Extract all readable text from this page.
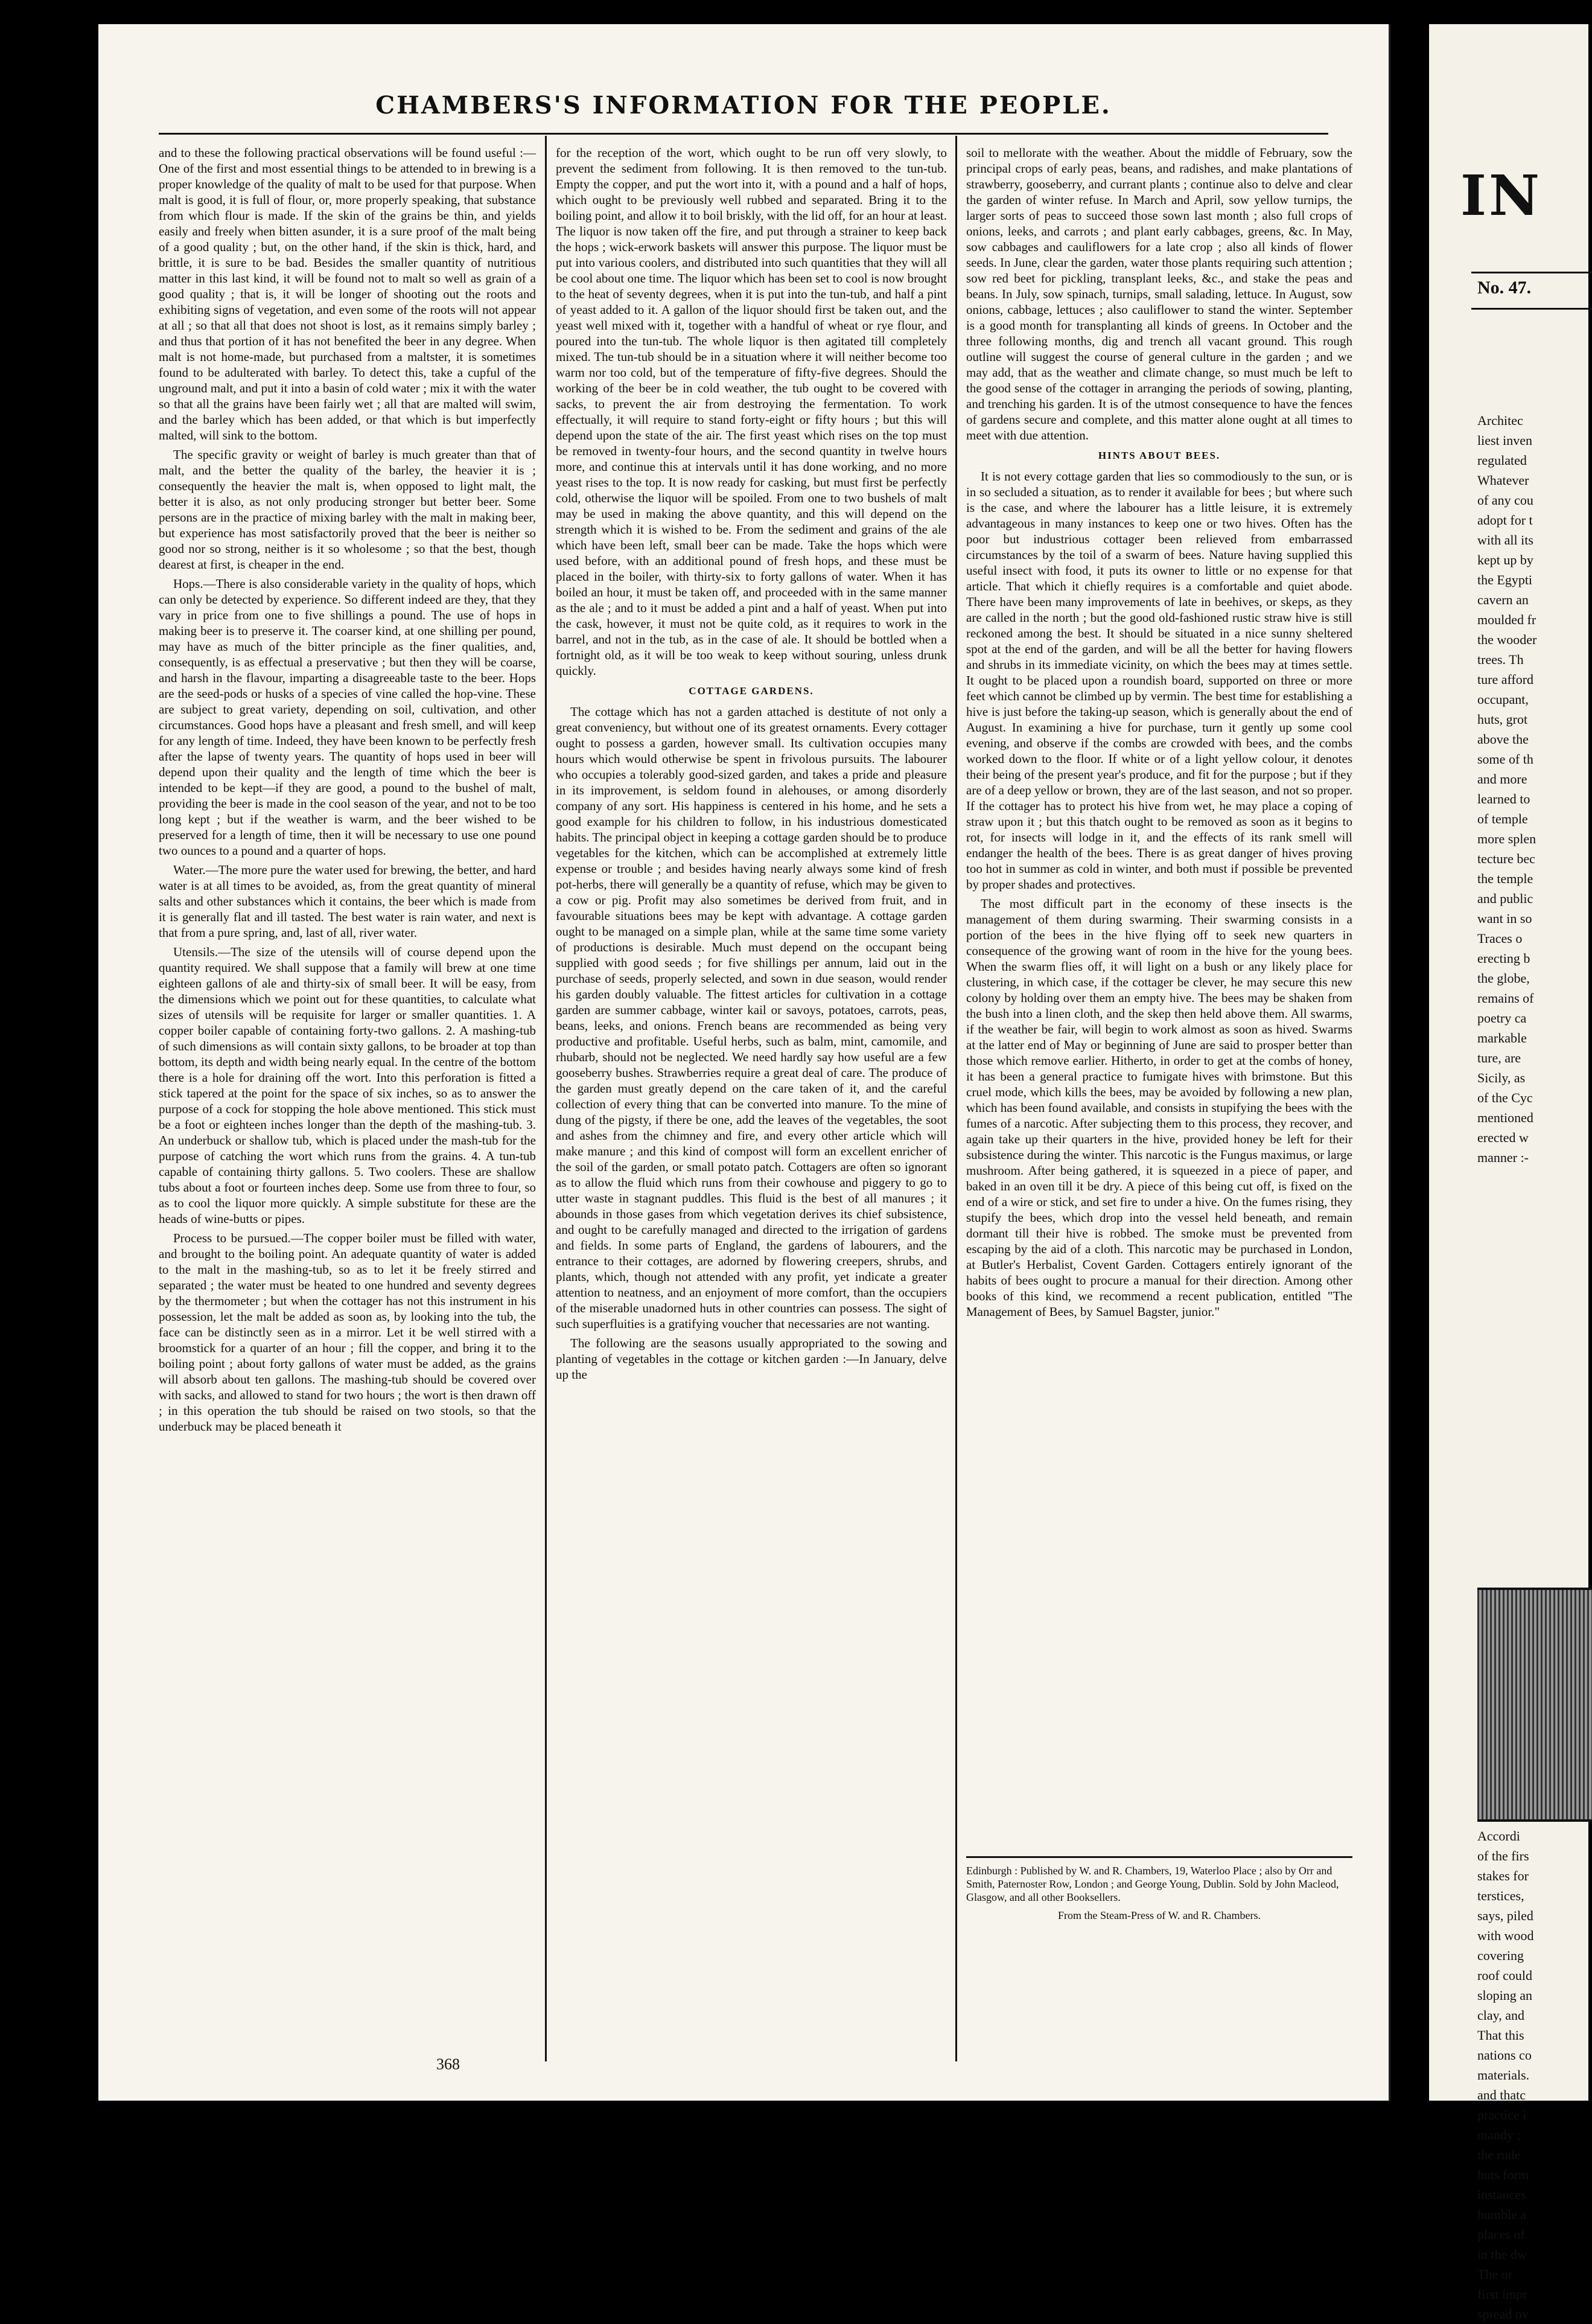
CHAMBERS'S INFORMATION FOR THE PEOPLE.

and to these the following practical observations will be found useful :—One of the first and most essential things to be attended to in brewing is a proper knowledge of the quality of malt to be used for that purpose. When malt is good, it is full of flour, or, more properly speaking, that substance from which flour is made. If the skin of the grains be thin, and yields easily and freely when bitten asunder, it is a sure proof of the malt being of a good quality ; but, on the other hand, if the skin is thick, hard, and brittle, it is sure to be bad. Besides the smaller quantity of nutritious matter in this last kind, it will be found not to malt so well as grain of a good quality ; that is, it will be longer of shooting out the roots and exhibiting signs of vegetation, and even some of the roots will not appear at all ; so that all that does not shoot is lost, as it remains simply barley ; and thus that portion of it has not benefited the beer in any degree. When malt is not home-made, but purchased from a maltster, it is sometimes found to be adulterated with barley. To detect this, take a cupful of the unground malt, and put it into a basin of cold water ; mix it with the water so that all the grains have been fairly wet ; all that are malted will swim, and the barley which has been added, or that which is but imperfectly malted, will sink to the bottom.

The specific gravity or weight of barley is much greater than that of malt, and the better the quality of the barley, the heavier it is ; consequently the heavier the malt is, when opposed to light malt, the better it is also, as not only producing stronger but better beer. Some persons are in the practice of mixing barley with the malt in making beer, but experience has most satisfactorily proved that the beer is neither so good nor so strong, neither is it so wholesome ; so that the best, though dearest at first, is cheaper in the end.

Hops.—There is also considerable variety in the quality of hops, which can only be detected by experience. So different indeed are they, that they vary in price from one to five shillings a pound. The use of hops in making beer is to preserve it. The coarser kind, at one shilling per pound, may have as much of the bitter principle as the finer qualities, and, consequently, is as effectual a preservative ; but then they will be coarse, and harsh in the flavour, imparting a disagreeable taste to the beer. Hops are the seed-pods or husks of a species of vine called the hop-vine. These are subject to great variety, depending on soil, cultivation, and other circumstances. Good hops have a pleasant and fresh smell, and will keep for any length of time. Indeed, they have been known to be perfectly fresh after the lapse of twenty years. The quantity of hops used in beer will depend upon their quality and the length of time which the beer is intended to be kept—if they are good, a pound to the bushel of malt, providing the beer is made in the cool season of the year, and not to be too long kept ; but if the weather is warm, and the beer wished to be preserved for a length of time, then it will be necessary to use one pound two ounces to a pound and a quarter of hops.

Water.—The more pure the water used for brewing, the better, and hard water is at all times to be avoided, as, from the great quantity of mineral salts and other substances which it contains, the beer which is made from it is generally flat and ill tasted. The best water is rain water, and next is that from a pure spring, and, last of all, river water.

Utensils.—The size of the utensils will of course depend upon the quantity required. We shall suppose that a family will brew at one time eighteen gallons of ale and thirty-six of small beer. It will be easy, from the dimensions which we point out for these quantities, to calculate what sizes of utensils will be requisite for larger or smaller quantities. 1. A copper boiler capable of containing forty-two gallons. 2. A mashing-tub of such dimensions as will contain sixty gallons, to be broader at top than bottom, its depth and width being nearly equal. In the centre of the bottom there is a hole for draining off the wort. Into this perforation is fitted a stick tapered at the point for the space of six inches, so as to answer the purpose of a cock for stopping the hole above mentioned. This stick must be a foot or eighteen inches longer than the depth of the mashing-tub. 3. An underbuck or shallow tub, which is placed under the mash-tub for the purpose of catching the wort which runs from the grains. 4. A tun-tub capable of containing thirty gallons. 5. Two coolers. These are shallow tubs about a foot or fourteen inches deep. Some use from three to four, so as to cool the liquor more quickly. A simple substitute for these are the heads of wine-butts or pipes.

Process to be pursued.—The copper boiler must be filled with water, and brought to the boiling point. An adequate quantity of water is added to the malt in the mashing-tub, so as to let it be freely stirred and separated ; the water must be heated to one hundred and seventy degrees by the thermometer ; but when the cottager has not this instrument in his possession, let the malt be added as soon as, by looking into the tub, the face can be distinctly seen as in a mirror. Let it be well stirred with a broomstick for a quarter of an hour ; fill the copper, and bring it to the boiling point ; about forty gallons of water must be added, as the grains will absorb about ten gallons. The mashing-tub should be covered over with sacks, and allowed to stand for two hours ; the wort is then drawn off ; in this operation the tub should be raised on two stools, so that the underbuck may be placed beneath it

for the reception of the wort, which ought to be run off very slowly, to prevent the sediment from following. It is then removed to the tun-tub. Empty the copper, and put the wort into it, with a pound and a half of hops, which ought to be previously well rubbed and separated. Bring it to the boiling point, and allow it to boil briskly, with the lid off, for an hour at least. The liquor is now taken off the fire, and put through a strainer to keep back the hops ; wick-erwork baskets will answer this purpose. The liquor must be put into various coolers, and distributed into such quantities that they will all be cool about one time. The liquor which has been set to cool is now brought to the heat of seventy degrees, when it is put into the tun-tub, and half a pint of yeast added to it. A gallon of the liquor should first be taken out, and the yeast well mixed with it, together with a handful of wheat or rye flour, and poured into the tun-tub. The whole liquor is then agitated till completely mixed. The tun-tub should be in a situation where it will neither become too warm nor too cold, but of the temperature of fifty-five degrees. Should the working of the beer be in cold weather, the tub ought to be covered with sacks, to prevent the air from destroying the fermentation. To work effectually, it will require to stand forty-eight or fifty hours ; but this will depend upon the state of the air. The first yeast which rises on the top must be removed in twenty-four hours, and the second quantity in twelve hours more, and continue this at intervals until it has done working, and no more yeast rises to the top. It is now ready for casking, but must first be perfectly cold, otherwise the liquor will be spoiled. From one to two bushels of malt may be used in making the above quantity, and this will depend on the strength which it is wished to be. From the sediment and grains of the ale which have been left, small beer can be made. Take the hops which were used before, with an additional pound of fresh hops, and these must be placed in the boiler, with thirty-six to forty gallons of water. When it has boiled an hour, it must be taken off, and proceeded with in the same manner as the ale ; and to it must be added a pint and a half of yeast. When put into the cask, however, it must not be quite cold, as it requires to work in the barrel, and not in the tub, as in the case of ale. It should be bottled when a fortnight old, as it will be too weak to keep without souring, unless drunk quickly.

COTTAGE GARDENS.

The cottage which has not a garden attached is destitute of not only a great conveniency, but without one of its greatest ornaments. Every cottager ought to possess a garden, however small. Its cultivation occupies many hours which would otherwise be spent in frivolous pursuits. The labourer who occupies a tolerably good-sized garden, and takes a pride and pleasure in its improvement, is seldom found in alehouses, or among disorderly company of any sort. His happiness is centered in his home, and he sets a good example for his children to follow, in his industrious domesticated habits. The principal object in keeping a cottage garden should be to produce vegetables for the kitchen, which can be accomplished at extremely little expense or trouble ; and besides having nearly always some kind of fresh pot-herbs, there will generally be a quantity of refuse, which may be given to a cow or pig. Profit may also sometimes be derived from fruit, and in favourable situations bees may be kept with advantage. A cottage garden ought to be managed on a simple plan, while at the same time some variety of productions is desirable. Much must depend on the occupant being supplied with good seeds ; for five shillings per annum, laid out in the purchase of seeds, properly selected, and sown in due season, would render his garden doubly valuable. The fittest articles for cultivation in a cottage garden are summer cabbage, winter kail or savoys, potatoes, carrots, peas, beans, leeks, and onions. French beans are recommended as being very productive and profitable. Useful herbs, such as balm, mint, camomile, and rhubarb, should not be neglected. We need hardly say how useful are a few gooseberry bushes. Strawberries require a great deal of care. The produce of the garden must greatly depend on the care taken of it, and the careful collection of every thing that can be converted into manure. To the mine of dung of the pigsty, if there be one, add the leaves of the vegetables, the soot and ashes from the chimney and fire, and every other article which will make manure ; and this kind of compost will form an excellent enricher of the soil of the garden, or small potato patch. Cottagers are often so ignorant as to allow the fluid which runs from their cowhouse and piggery to go to utter waste in stagnant puddles. This fluid is the best of all manures ; it abounds in those gases from which vegetation derives its chief subsistence, and ought to be carefully managed and directed to the irrigation of gardens and fields. In some parts of England, the gardens of labourers, and the entrance to their cottages, are adorned by flowering creepers, shrubs, and plants, which, though not attended with any profit, yet indicate a greater attention to neatness, and an enjoyment of more comfort, than the occupiers of the miserable unadorned huts in other countries can possess. The sight of such superfluities is a gratifying voucher that necessaries are not wanting.

The following are the seasons usually appropriated to the sowing and planting of vegetables in the cottage or kitchen garden :—In January, delve up the

soil to mellorate with the weather. About the middle of February, sow the principal crops of early peas, beans, and radishes, and make plantations of strawberry, gooseberry, and currant plants ; continue also to delve and clear the garden of winter refuse. In March and April, sow yellow turnips, the larger sorts of peas to succeed those sown last month ; also full crops of onions, leeks, and carrots ; and plant early cabbages, greens, &c. In May, sow cabbages and cauliflowers for a late crop ; also all kinds of flower seeds. In June, clear the garden, water those plants requiring such attention ; sow red beet for pickling, transplant leeks, &c., and stake the peas and beans. In July, sow spinach, turnips, small salading, lettuce. In August, sow onions, cabbage, lettuces ; also cauliflower to stand the winter. September is a good month for transplanting all kinds of greens. In October and the three following months, dig and trench all vacant ground. This rough outline will suggest the course of general culture in the garden ; and we may add, that as the weather and climate change, so must much be left to the good sense of the cottager in arranging the periods of sowing, planting, and trenching his garden. It is of the utmost consequence to have the fences of gardens secure and complete, and this matter alone ought at all times to meet with due attention.

HINTS ABOUT BEES.

It is not every cottage garden that lies so commodiously to the sun, or is in so secluded a situation, as to render it available for bees ; but where such is the case, and where the labourer has a little leisure, it is extremely advantageous in many instances to keep one or two hives. Often has the poor but industrious cottager been relieved from embarrassed circumstances by the toil of a swarm of bees. Nature having supplied this useful insect with food, it puts its owner to little or no expense for that article. That which it chiefly requires is a comfortable and quiet abode. There have been many improvements of late in beehives, or skeps, as they are called in the north ; but the good old-fashioned rustic straw hive is still reckoned among the best. It should be situated in a nice sunny sheltered spot at the end of the garden, and will be all the better for having flowers and shrubs in its immediate vicinity, on which the bees may at times settle. It ought to be placed upon a roundish board, supported on three or more feet which cannot be climbed up by vermin. The best time for establishing a hive is just before the taking-up season, which is generally about the end of August. In examining a hive for purchase, turn it gently up some cool evening, and observe if the combs are crowded with bees, and the combs worked down to the floor. If white or of a light yellow colour, it denotes their being of the present year's produce, and fit for the purpose ; but if they are of a deep yellow or brown, they are of the last season, and not so proper. If the cottager has to protect his hive from wet, he may place a coping of straw upon it ; but this thatch ought to be removed as soon as it begins to rot, for insects will lodge in it, and the effects of its rank smell will endanger the health of the bees. There is as great danger of hives proving too hot in summer as cold in winter, and both must if possible be prevented by proper shades and protectives.

The most difficult part in the economy of these insects is the management of them during swarming. Their swarming consists in a portion of the bees in the hive flying off to seek new quarters in consequence of the growing want of room in the hive for the young bees. When the swarm flies off, it will light on a bush or any likely place for clustering, in which case, if the cottager be clever, he may secure this new colony by holding over them an empty hive. The bees may be shaken from the bush into a linen cloth, and the skep then held above them. All swarms, if the weather be fair, will begin to work almost as soon as hived. Swarms at the latter end of May or beginning of June are said to prosper better than those which remove earlier. Hitherto, in order to get at the combs of honey, it has been a general practice to fumigate hives with brimstone. But this cruel mode, which kills the bees, may be avoided by following a new plan, which has been found available, and consists in stupifying the bees with the fumes of a narcotic. After subjecting them to this process, they recover, and again take up their quarters in the hive, provided honey be left for their subsistence during the winter. This narcotic is the Fungus maximus, or large mushroom. After being gathered, it is squeezed in a piece of paper, and baked in an oven till it be dry. A piece of this being cut off, is fixed on the end of a wire or stick, and set fire to under a hive. On the fumes rising, they stupify the bees, which drop into the vessel held beneath, and remain dormant till their hive is robbed. The smoke must be prevented from escaping by the aid of a cloth. This narcotic may be purchased in London, at Butler's Herbalist, Covent Garden. Cottagers entirely ignorant of the habits of bees ought to procure a manual for their direction. Among other books of this kind, we recommend a recent publication, entitled "The Management of Bees, by Samuel Bagster, junior."

Edinburgh : Published by W. and R. Chambers, 19, Waterloo Place ; also by Orr and Smith, Paternoster Row, London ; and George Young, Dublin. Sold by John Macleod, Glasgow, and all other Booksellers.
From the Steam-Press of W. and R. Chambers.
368
IN
No. 47.
Architec
liest inven
regulated
Whatever
of any cou
adopt for t
with all its
kept up by
the Egypti
cavern an
moulded fr
the wooder
trees. Th
ture afford
occupant,
huts, grot
above the
some of th
and more
learned to
of temple
more splen
tecture bec
the temple
and public
want in so
Traces o
erecting b
the globe,
remains of
poetry ca
markable
ture, are
Sicily, as
of the Cyc
mentioned
erected w
manner :-
Accordi
of the firs
stakes for
terstices,
says, piled
with wood
covering
roof could
sloping an
clay, and
That this
nations co
materials.
and thatc
practice i
mandy ;
the rude
huts form
instances
humble a
places of
in the dw
The or
first impr
spread ov
